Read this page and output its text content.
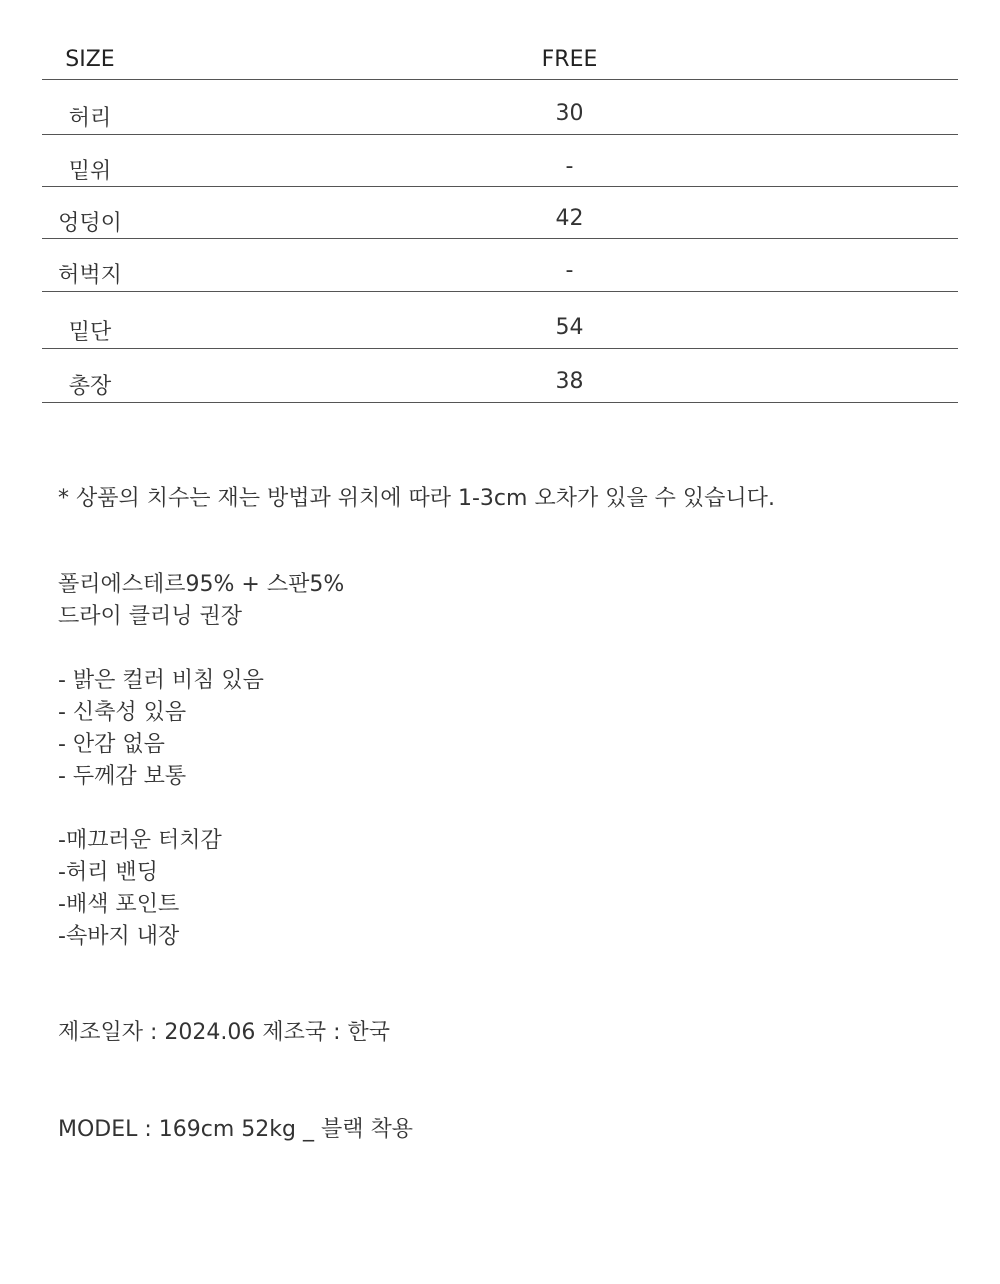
SIZE	FREE
허리	30
밑위	-
엉덩이	42
허벅지	-
밑단	54
총장	38
* 상품의 치수는 재는 방법과 위치에 따라 1-3cm 오차가 있을 수 있습니다.
폴리에스테르95% + 스판5%
드라이 클리닝 권장
- 밝은 컬러 비침 있음
- 신축성 있음
- 안감 없음
- 두께감 보통
-매끄러운 터치감
-허리 밴딩
-배색 포인트
-속바지 내장
제조일자 : 2024.06 제조국 : 한국
MODEL : 169cm 52kg _ 블랙 착용
